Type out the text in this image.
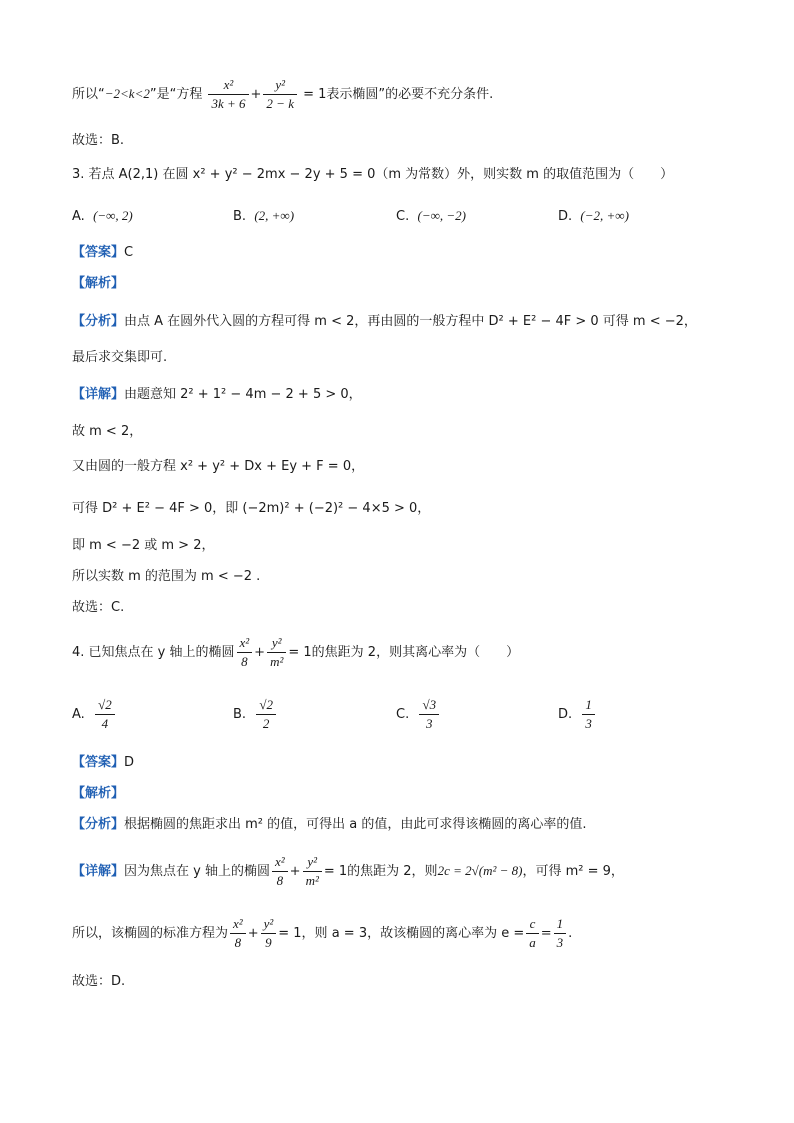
所以“−2<k<2”是“方程 $\frac{\text{x²}}{3k + 6} + \frac{\text{y²}}{2 - k} = 1$表示椭圆”的必要不充分条件.
故选：B.
3. 若点 A(2,1) 在圆 x² + y² − 2mx − 2y + 5 = 0（m 为常数）外，则实数 m 的取值范围为（　　）
A. (−∞, 2)	B. (2, +∞)	C. (−∞, −2)	D. (−2, +∞)
【答案】C
【解析】
【分析】由点 A 在圆外代入圆的方程可得 m < 2，再由圆的一般方程中 D² + E² − 4F > 0 可得 m < −2，
最后求交集即可.
【详解】由题意知 2² + 1² − 4m − 2 + 5 > 0，
故 m < 2，
又由圆的一般方程 x² + y² + Dx + Ey + F = 0，
可得 D² + E² − 4F > 0，即 (−2m)² + (−2)² − 4×5 > 0，
即 m < −2 或 m > 2，
所以实数 m 的范围为 m < −2 .
故选：C.
4. 已知焦点在 y 轴上的椭圆 $\frac{\text{x²}}{8} + \frac{\text{y²}}{\text{m²}} = 1$的焦距为 2，则其离心率为（　　）
A. $\frac{√2}{4}$	B. $\frac{√2}{2}$	C. $\frac{√3}{3}$	D. $\frac{1}{3}$
【答案】D
【解析】
【分析】根据椭圆的焦距求出 m² 的值，可得出 a 的值，由此可求得该椭圆的离心率的值.
【详解】因为焦点在 y 轴上的椭圆 $\frac{\text{x²}}{8} + \frac{\text{y²}}{\text{m²}} = 1$的焦距为 2，则2c = 2√(m² − 8)，可得 m² = 9，
所以，该椭圆的标准方程为 $\frac{\text{x²}}{8} + \frac{\text{y²}}{9} = 1$，则 a = 3，故该椭圆的离心率为 $e = \frac{c}{a} = \frac{1}{3}$ .
故选：D.
